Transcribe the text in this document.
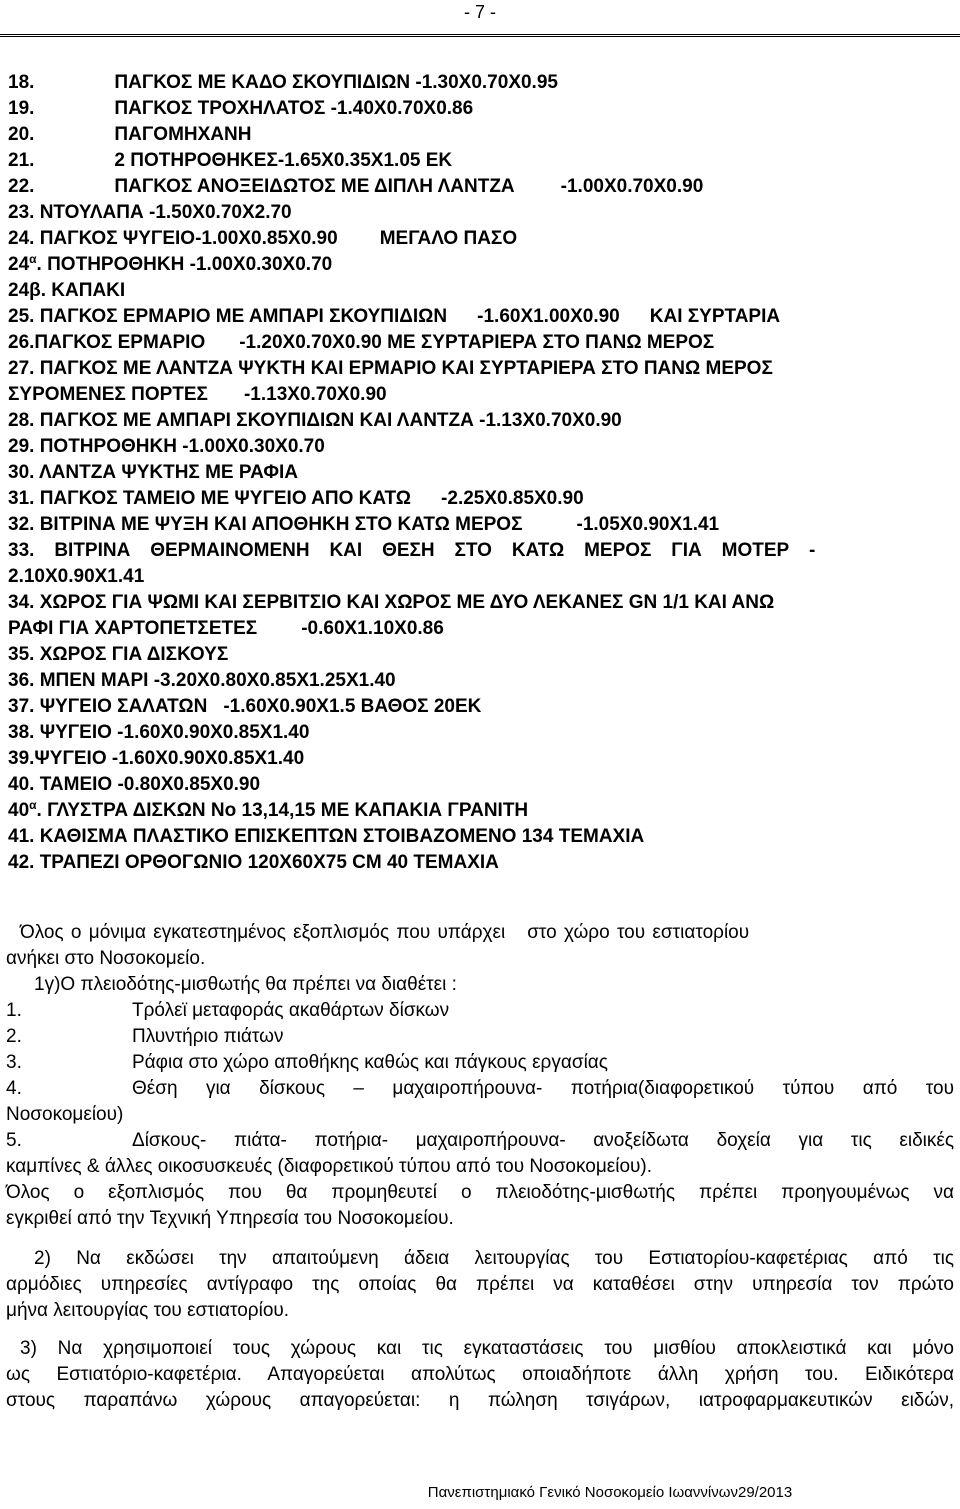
- 7 -
18.	ΠΑΓΚΟΣ ΜΕ ΚΑΔΟ ΣΚΟΥΠΙΔΙΩΝ -1.30Χ0.70Χ0.95
19.	ΠΑΓΚΟΣ ΤΡΟΧΗΛΑΤΟΣ -1.40Χ0.70Χ0.86
20.	ΠΑΓΟΜΗΧΑΝΗ
21.	2 ΠΟΤΗΡΟΘΗΚΕΣ-1.65Χ0.35Χ1.05 ΕΚ
22.	ΠΑΓΚΟΣ ΑΝΟΞΕΙΔΩΤΟΣ ΜΕ ΔΙΠΛΗ ΛΑΝΤΖΑ -1.00Χ0.70Χ0.90
23. ΝΤΟΥΛΑΠΑ -1.50Χ0.70Χ2.70
24. ΠΑΓΚΟΣ ΨΥΓΕΙΟ-1.00Χ0.85Χ0.90 ΜΕΓΑΛΟ ΠΑΣΟ
$24^\alpha$. ΠΟΤΗΡΟΘΗΚΗ -1.00Χ0.30Χ0.70
24β. ΚΑΠΑΚΙ
25. ΠΑΓΚΟΣ ΕΡΜΑΡΙΟ ΜΕ ΑΜΠΑΡΙ ΣΚΟΥΠΙΔΙΩΝ -1.60Χ1.00Χ0.90 ΚΑΙ ΣΥΡΤΑΡΙΑ
26.ΠΑΓΚΟΣ ΕΡΜΑΡΙΟ -1.20Χ0.70Χ0.90 ΜΕ ΣΥΡΤΑΡΙΕΡΑ ΣΤΟ ΠΑΝΩ ΜΕΡΟΣ
27. ΠΑΓΚΟΣ ΜΕ ΛΑΝΤΖΑ ΨΥΚΤΗ ΚΑΙ ΕΡΜΑΡΙΟ ΚΑΙ ΣΥΡΤΑΡΙΕΡΑ ΣΤΟ ΠΑΝΩ ΜΕΡΟΣ
ΣΥΡΟΜΕΝΕΣ ΠΟΡΤΕΣ -1.13Χ0.70Χ0.90
28. ΠΑΓΚΟΣ ΜΕ ΑΜΠΑΡΙ ΣΚΟΥΠΙΔΙΩΝ ΚΑΙ ΛΑΝΤΖΑ -1.13Χ0.70Χ0.90
29. ΠΟΤΗΡΟΘΗΚΗ -1.00Χ0.30Χ0.70
30. ΛΑΝΤΖΑ ΨΥΚΤΗΣ ΜΕ ΡΑΦΙΑ
31. ΠΑΓΚΟΣ ΤΑΜΕΙΟ ΜΕ ΨΥΓΕΙΟ ΑΠΟ ΚΑΤΩ -2.25Χ0.85Χ0.90
32. ΒΙΤΡΙΝΑ ΜΕ ΨΥΞΗ ΚΑΙ ΑΠΟΘΗΚΗ ΣΤΟ ΚΑΤΩ ΜΕΡΟΣ	-1.05Χ0.90Χ1.41
33. ΒΙΤΡΙΝΑ ΘΕΡΜΑΙΝΟΜΕΝΗ ΚΑΙ ΘΕΣΗ ΣΤΟ ΚΑΤΩ ΜΕΡΟΣ ΓΙΑ ΜΟΤΕΡ -
2.10Χ0.90Χ1.41
34. ΧΩΡΟΣ ΓΙΑ ΨΩΜΙ ΚΑΙ ΣΕΡΒΙΤΣΙΟ ΚΑΙ ΧΩΡΟΣ ΜΕ ΔΥΟ ΛΕΚΑΝΕΣ GN 1/1 ΚΑΙ ΑΝΩ
ΡΑΦΙ ΓΙΑ ΧΑΡΤΟΠΕΤΣΕΤΕΣ -0.60Χ1.10Χ0.86
35. ΧΩΡΟΣ ΓΙΑ ΔΙΣΚΟΥΣ
36. ΜΠΕΝ ΜΑΡΙ -3.20Χ0.80Χ0.85Χ1.25Χ1.40
37. ΨΥΓΕΙΟ ΣΑΛΑΤΩΝ -1.60Χ0.90Χ1.5 ΒΑΘΟΣ 20ΕΚ
38. ΨΥΓΕΙΟ -1.60Χ0.90Χ0.85Χ1.40
39.ΨΥΓΕΙΟ -1.60Χ0.90Χ0.85Χ1.40
40. ΤΑΜΕΙΟ -0.80Χ0.85Χ0.90
$40^\alpha$. ΓΛΥΣΤΡΑ ΔΙΣΚΩΝ Νο 13,14,15 ΜΕ ΚΑΠΑΚΙΑ ΓΡΑΝΙΤΗ
41. ΚΑΘΙΣΜΑ ΠΛΑΣΤΙΚΟ ΕΠΙΣΚΕΠΤΩΝ ΣΤΟΙΒΑΖΟΜΕΝΟ 134 ΤΕΜΑΧΙΑ
42. ΤΡΑΠΕΖΙ ΟΡΘΟΓΩΝΙΟ 120Χ60Χ75 CM 40 ΤΕΜΑΧΙΑ

Όλος ο μόνιμα εγκατεστημένος εξοπλισμός που υπάρχει στο χώρο του εστιατορίου

ανήκει στο Νοσοκομείο.

1γ)Ο πλειοδότης-μισθωτής θα πρέπει να διαθέτει :

1.	Τρόλεϊ μεταφοράς ακαθάρτων δίσκων
2.	Πλυντήριο πιάτων
3.	Ράφια στο χώρο αποθήκης καθώς και πάγκους εργασίας
4.	Θέση για δίσκους – μαχαιροπήρουνα- ποτήρια(διαφορετικού τύπου από του

Νοσοκομείου)

5.	Δίσκους- πιάτα- ποτήρια- μαχαιροπήρουνα- ανοξείδωτα δοχεία για τις ειδικές

καμπίνες & άλλες οικοσυσκευές (διαφορετικού τύπου από του Νοσοκομείου).

Όλος ο εξοπλισμός που θα προμηθευτεί ο πλειοδότης-μισθωτής πρέπει προηγουμένως να

εγκριθεί από την Τεχνική Υπηρεσία του Νοσοκομείου.

2) Να εκδώσει την απαιτούμενη άδεια λειτουργίας του Εστιατορίου-καφετέριας από τις

αρμόδιες υπηρεσίες αντίγραφο της οποίας θα πρέπει να καταθέσει στην υπηρεσία τον πρώτο

μήνα λειτουργίας του εστιατορίου.

3) Να χρησιμοποιεί τους χώρους και τις εγκαταστάσεις του μισθίου αποκλειστικά και μόνο

ως Εστιατόριο-καφετέρια. Απαγορεύεται απολύτως οποιαδήποτε άλλη χρήση του. Ειδικότερα

στους παραπάνω χώρους απαγορεύεται: η πώληση τσιγάρων, ιατροφαρμακευτικών ειδών,

Πανεπιστημιακό Γενικό Νοσοκομείο Ιωαννίνων29/2013
